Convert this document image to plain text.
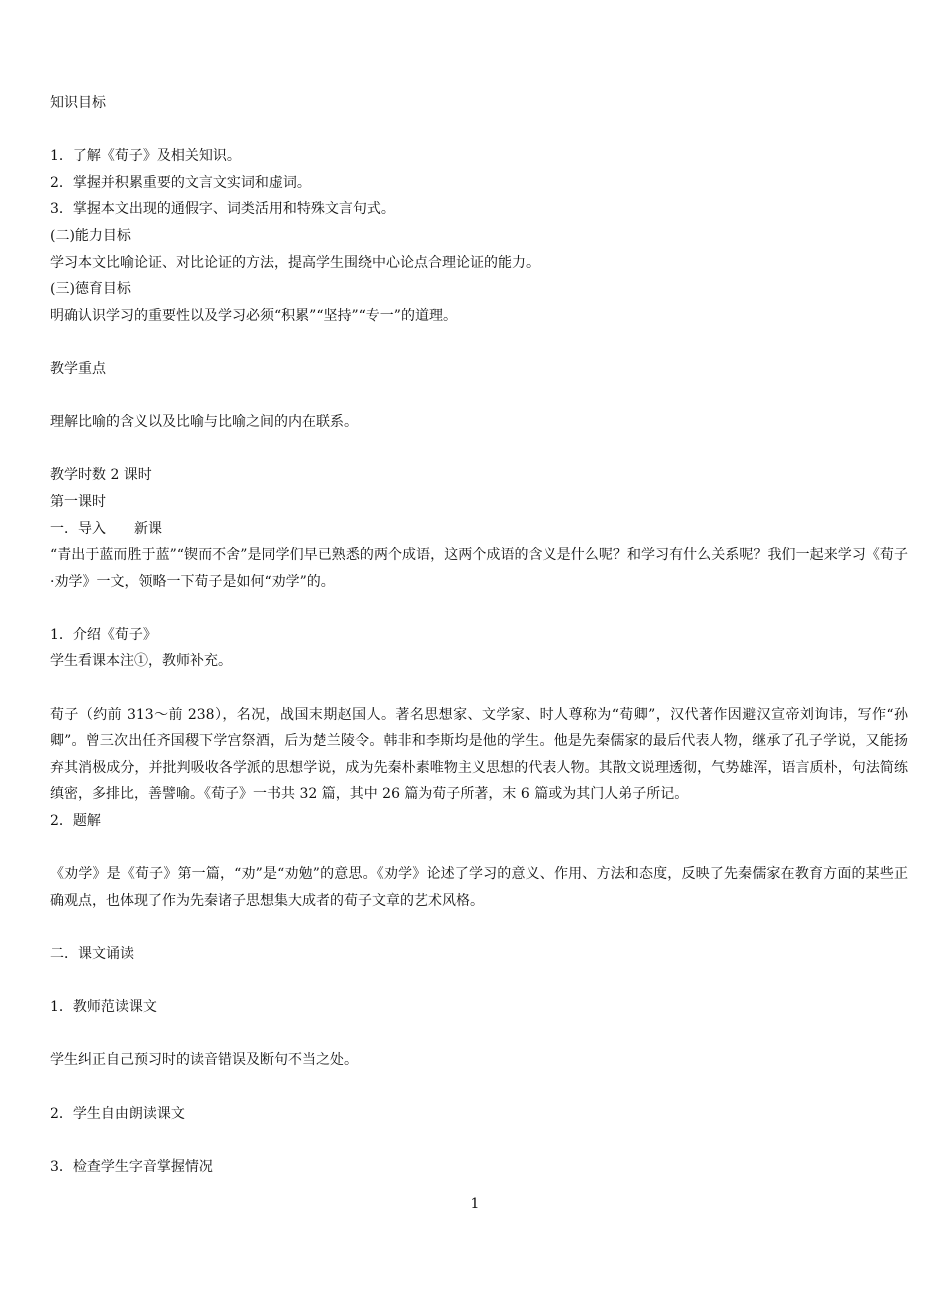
知识目标

1．了解《荀子》及相关知识。

2．掌握并积累重要的文言文实词和虚词。

3．掌握本文出现的通假字、词类活用和特殊文言句式。

(二)能力目标

学习本文比喻论证、对比论证的方法，提高学生围绕中心论点合理论证的能力。

(三)德育目标

明确认识学习的重要性以及学习必须“积累”“坚持”“专一”的道理。

教学重点

理解比喻的含义以及比喻与比喻之间的内在联系。

教学时数 2 课时

第一课时

一．导入　　新课

“青出于蓝而胜于蓝”“锲而不舍”是同学们早已熟悉的两个成语，这两个成语的含义是什么呢？和学习有什么关系呢？我们一起来学习《荀子·劝学》一文，领略一下荀子是如何“劝学”的。

1．介绍《荀子》

学生看课本注①，教师补充。

荀子（约前 313～前 238），名况，战国末期赵国人。著名思想家、文学家、时人尊称为“荀卿”，汉代著作因避汉宣帝刘询讳，写作“孙卿”。曾三次出任齐国稷下学宫祭酒，后为楚兰陵令。韩非和李斯均是他的学生。他是先秦儒家的最后代表人物，继承了孔子学说，又能扬弃其消极成分，并批判吸收各学派的思想学说，成为先秦朴素唯物主义思想的代表人物。其散文说理透彻，气势雄浑，语言质朴，句法简练缜密，多排比，善譬喻。《荀子》一书共 32 篇，其中 26 篇为荀子所著，末 6 篇或为其门人弟子所记。

2．题解

《劝学》是《荀子》第一篇，“劝”是“劝勉”的意思。《劝学》论述了学习的意义、作用、方法和态度，反映了先秦儒家在教育方面的某些正确观点，也体现了作为先秦诸子思想集大成者的荀子文章的艺术风格。

二．课文诵读

1．教师范读课文

学生纠正自己预习时的读音错误及断句不当之处。

2．学生自由朗读课文

3．检查学生字音掌握情况

1
